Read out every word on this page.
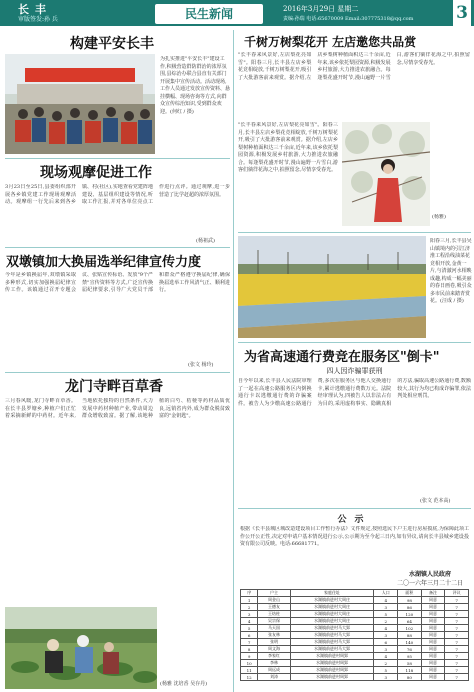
长丰
审版签发:孙 兵	民生新闻	2016年3月29日 星期二
责编:孙瑞 电话:65670009 Email:307775318@qq.com	3
构建平安长丰
为扎实推进"平安长丰"建设工作,积极营造群防群治的浓厚氛围,县综治办联合县直有关部门开展集中宣传活动。活动现场,工作人员通过发放宣传资料、悬挂横幅、现场咨询等方式,向群众宣传综治知识,受到群众欢迎。(何红 / 摄)
现场观摩促进工作
3月23日至25日,县委组织部开展各乡镇党建工作现场观摩活动。观摩组一行先后来到各乡镇、村(社区),实地查看党建阵地建设、基层组织建设等情况,听取工作汇报,并对各单位亮点工作进行点评。通过观摩,进一步营造了比学赶超的浓厚氛围。
(杨祖武)
双墩镇加大换届选举纪律宣传力度
今年是乡镇换届年,双墩镇采取多种形式,切实加强换届纪律宣传工作。该镇通过召开专题会议、张贴宣传标语、发放"9个严禁"宣传资料等方式,广泛宣传换届纪律要求,引导广大党员干部和群众严格遵守换届纪律,确保换届选举工作风清气正、顺利进行。
(张文 杨玲)
龙门寺畔百草香
三月春风暖,龙门寺畔百草香。在长丰县罗塘乡,种植户们正忙着采摘新鲜的中药材。近年来,当地依托独特的自然条件,大力发展中药材种植产业,带动周边群众增收致富。据了解,该地种植的白芍、桔梗等药材品质优良,远销省内外,成为群众脱贫致富的"金钥匙"。
(杨雅 沈培香 吴存丹)
千树万树梨花开 左店邀您共品赏
"长丰春来风景好,左店梨花亮如雪"。阳春三月,长丰县左店乡梨花竞相绽放,千树万树梨花开,吸引了大批游客前来观赏。据介绍,左店乡梨树种植面积达三千余亩,近年来,该乡依托梨园资源,积极发展乡村旅游,大力推进农旅融合。每逢梨花盛开时节,漫山遍野一片雪白,游客们徜徉花海之中,拍照留念,尽情享受春光。
"长丰春来风景好,左店梨花亮如雪"。阳春三月,长丰县左店乡梨花竞相绽放,千树万树梨花开,吸引了大批游客前来观赏。据介绍,左店乡梨树种植面积达三千余亩,近年来,该乡依托梨园资源,积极发展乡村旅游,大力推进农旅融合。每逢梨花盛开时节,漫山遍野一片雪白,游客们徜徉花海之中,拍照留念,尽情享受春光。
(杨雅)
阳春三月,长丰县吴山镇境内的引江济淮工程沿线油菜花竞相开放,金黄一片,与清澈河水相映成趣,构成一幅美丽的春日画卷,吸引众多市民前来踏青赏花。(汪成 / 摄)
为省高速通行费竞在服务区"倒卡"
四人因诈骗罪获刑
自今年以来,长丰县人民法院审理了一起在高速公路服务区内倒换通行卡以逃缴通行费的诈骗案件。被告人为少缴高速公路通行费,多次在服务区与他人交换通行卡,累计逃缴通行费数万元。法院经审理认为,四被告人以非法占有为目的,采用虚构事实、隐瞒真相的方法,骗取高速公路通行费,数额较大,其行为均已构成诈骗罪,依法判处相应刑罚。
(张文 范本高)
公示
根据《长丰县城区城改造建设项目工作暂行办法》文件规定,按照选民下户主进行房屋摸底,为保障此项工作公开公正性,决定对申请户基本情况进行公示,公示期为至今起三日内,如有异议,请向长丰县城乡建设投资有限公司反映。电话:66681771。
水湖镇人民政府
二〇一六年三月二十二日
序	户主	家庭住址	人口	面积	备注	评议
1	周金山	水湖镇前进村大周庄	4	98	同意	7
2	王德友	水湖镇前进村大周庄	3	86	同意	7
3	王结柱	水湖镇前进村大周庄	5	120	同意	7
4	吴宗保	水湖镇前进村大周庄	2	64	同意	7
5	马天国	水湖镇前进村马大郢	4	102	同意	7
6	张友林	水湖镇前进村马大郢	3	88	同意	7
7	张明	水湖镇前进村马大郢	6	140	同意	7
8	周文海	水湖镇前进村马大郢	3	76	同意	7
9	李家红	水湖镇前进村周郢	4	95	同意	7
10	李林	水湖镇前进村周郢	2	58	同意	7
11	周远成	水湖镇前进村周郢	5	118	同意	7
12	刘涛	水湖镇前进村周郢	3	80	同意	7
